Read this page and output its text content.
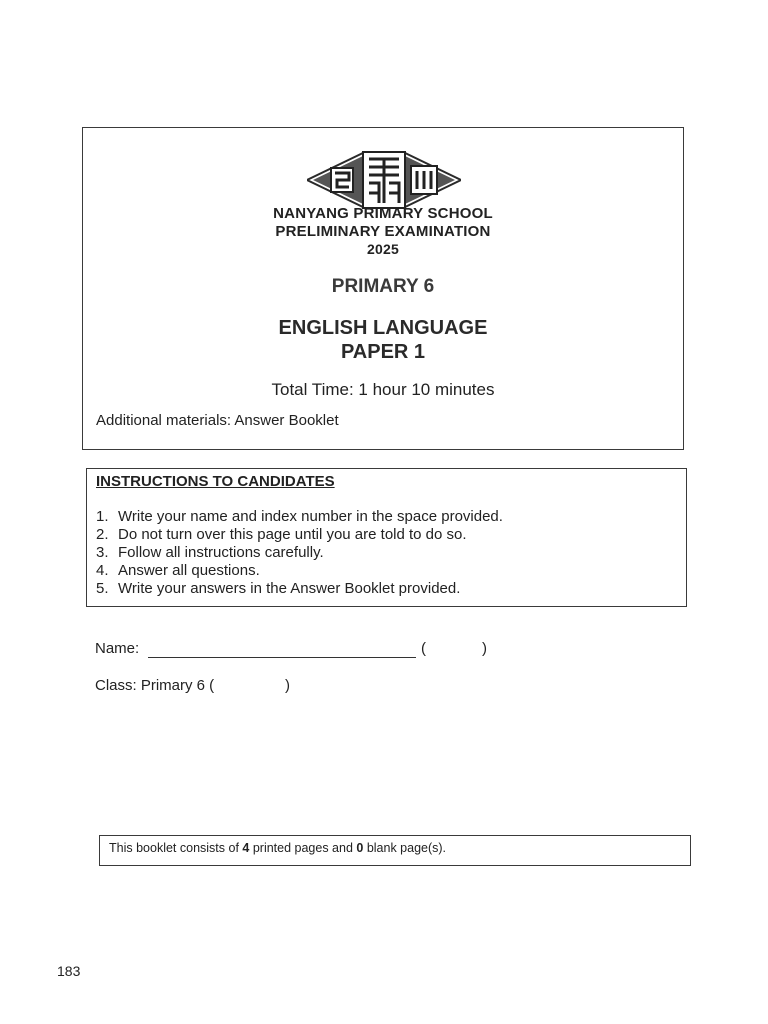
NANYANG PRIMARY SCHOOL
PRELIMINARY EXAMINATION
2025
PRIMARY 6
ENGLISH LANGUAGE
PAPER 1
Total Time: 1 hour 10 minutes
Additional materials: Answer Booklet
INSTRUCTIONS TO CANDIDATES
1. Write your name and index number in the space provided.
2. Do not turn over this page until you are told to do so.
3. Follow all instructions carefully.
4. Answer all questions.
5. Write your answers in the Answer Booklet provided.
Name:	(	)
Class: Primary 6 (	)
This booklet consists of 4 printed pages and 0 blank page(s).
183
